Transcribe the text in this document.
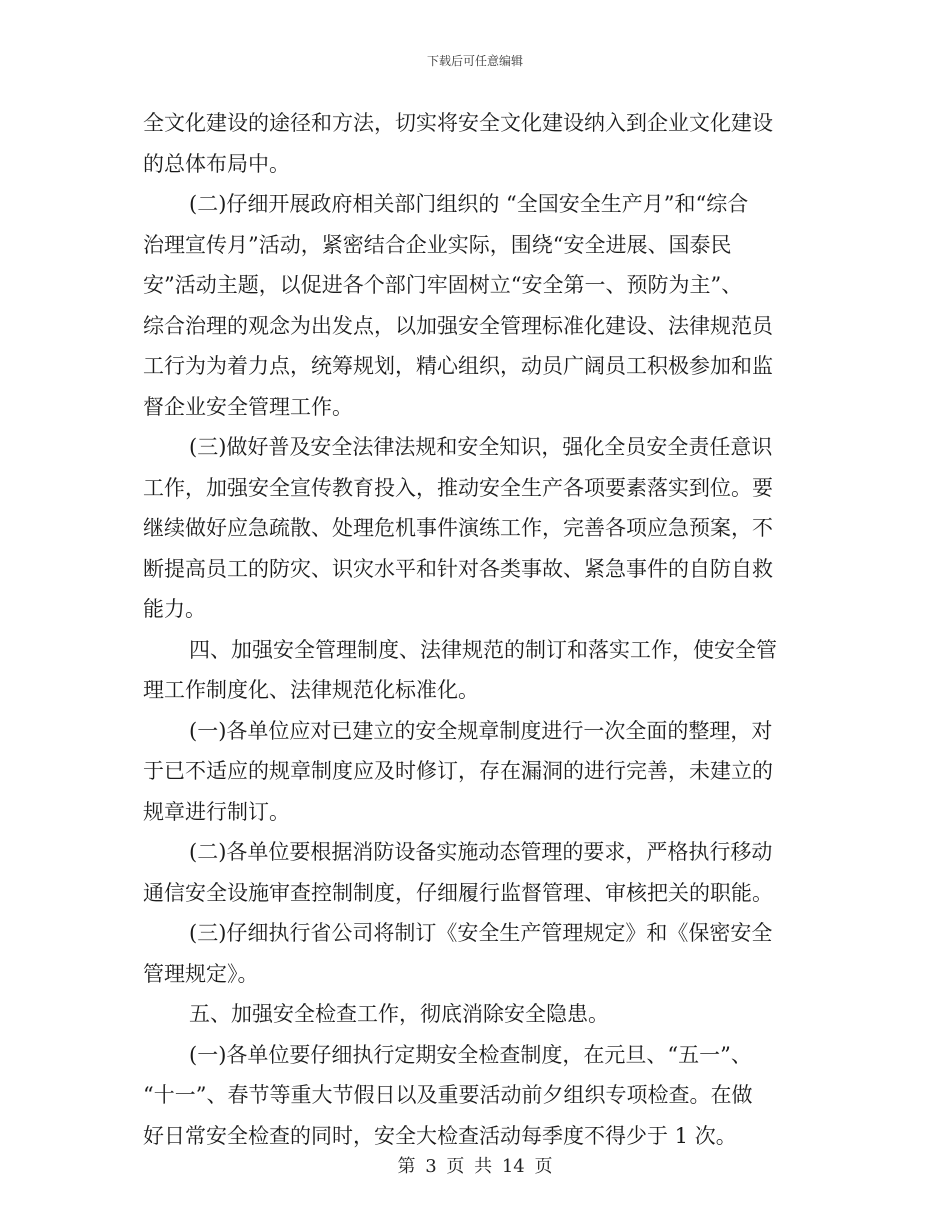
下载后可任意编辑
全文化建设的途径和方法，切实将安全文化建设纳入到企业文化建设
的总体布局中。
(二)仔细开展政府相关部门组织的 “全国安全生产月”和“综合
治理宣传月”活动，紧密结合企业实际，围绕“安全进展、国泰民
安”活动主题，以促进各个部门牢固树立“安全第一、预防为主”、
综合治理的观念为出发点，以加强安全管理标准化建设、法律规范员
工行为为着力点，统筹规划，精心组织，动员广阔员工积极参加和监
督企业安全管理工作。
(三)做好普及安全法律法规和安全知识，强化全员安全责任意识
工作，加强安全宣传教育投入，推动安全生产各项要素落实到位。要
继续做好应急疏散、处理危机事件演练工作，完善各项应急预案，不
断提高员工的防灾、识灾水平和针对各类事故、紧急事件的自防自救
能力。
四、加强安全管理制度、法律规范的制订和落实工作，使安全管
理工作制度化、法律规范化标准化。
(一)各单位应对已建立的安全规章制度进行一次全面的整理，对
于已不适应的规章制度应及时修订，存在漏洞的进行完善，未建立的
规章进行制订。
(二)各单位要根据消防设备实施动态管理的要求，严格执行移动
通信安全设施审查控制制度，仔细履行监督管理、审核把关的职能。
(三)仔细执行省公司将制订《安全生产管理规定》和《保密安全
管理规定》。
五、加强安全检查工作，彻底消除安全隐患。
(一)各单位要仔细执行定期安全检查制度，在元旦、“五一”、
“十一”、春节等重大节假日以及重要活动前夕组织专项检查。在做
好日常安全检查的同时，安全大检查活动每季度不得少于 1 次。
第 3 页 共 14 页
